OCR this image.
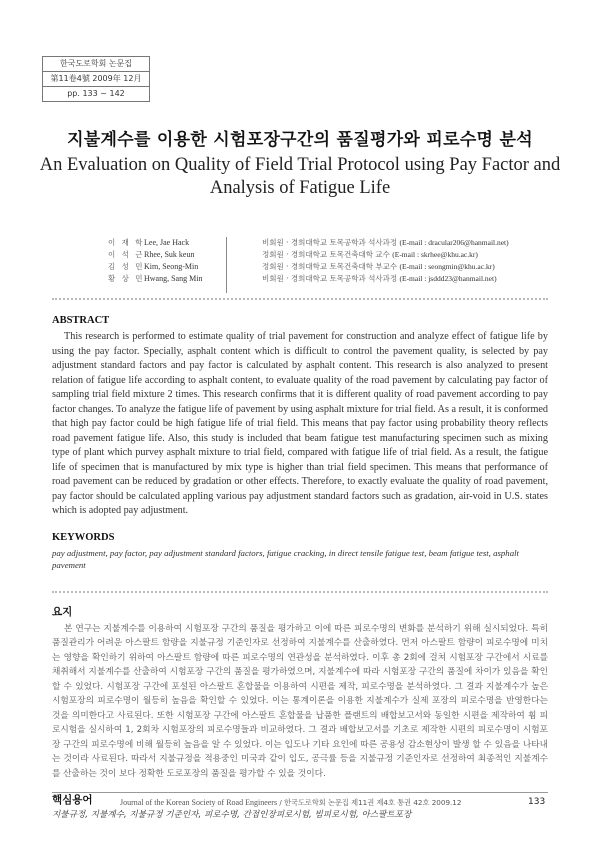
한국도로학회 논문집
第11卷4號 2009年 12月
pp. 133 ~ 142
지불계수를 이용한 시험포장구간의 품질평가와 피로수명 분석
An Evaluation on Quality of Field Trial Protocol using Pay Factor and
Analysis of Fatigue Life
이 재 학 Lee, Jae Hack	비회원 · 경희대학교 토목공학과 석사과정 (E-mail : dracular206@hanmail.net)
이 석 근 Rhee, Suk keun	정회원 · 경희대학교 토목건축대학 교수 (E-mail : skrhee@khu.ac.kr)
김 성 민 Kim, Seong-Min	정회원 · 경희대학교 토목건축대학 부교수 (E-mail : seongmin@khu.ac.kr)
황 상 민 Hwang, Sang Min	비회원 · 경희대학교 토목공학과 석사과정 (E-mail : jsddd23@hanmail.net)
ABSTRACT
This research is performed to estimate quality of trial pavement for construction and analyze effect of fatigue life by using the pay factor. Specially, asphalt content which is difficult to control the pavement quality, is selected by pay adjustment standard factors and pay factor is calculated by asphalt content. This research is also analyzed to present relation of fatigue life according to asphalt content, to evaluate quality of the road pavement by calculating pay factor of sampling trial field mixture 2 times. This research confirms that it is different quality of road pavement according to pay factor changes. To analyze the fatigue life of pavement by using asphalt mixture for trial field. As a result, it is conformed that high pay factor could be high fatigue life of trial field. This means that pay factor using probability theory reflects road pavement fatigue life. Also, this study is included that beam fatigue test manufacturing specimen such as mixing type of plant which purvey asphalt mixture to trial field, compared with fatigue life of trial field. As a result, the fatigue life of specimen that is manufactured by mix type is higher than trial field specimen. This means that performance of road pavement can be reduced by gradation or other effects. Therefore, to exactly evaluate the quality of road pavement, pay factor should be calculated appling various pay adjustment standard factors such as gradation, air-void in U.S. states which is adopted pay adjustment.
KEYWORDS
pay adjustment, pay factor, pay adjustment standard factors, fatigue cracking, in direct tensile fatigue test, beam fatigue test, asphalt pavement
요지
본 연구는 지불계수를 이용하여 시험포장 구간의 품질을 평가하고 이에 따른 피로수명의 변화를 분석하기 위해 실시되었다. 특히 품질관리가 어려운 아스팔트 함량을 지불규정 기준인자로 선정하여 지불계수를 산출하였다. 먼저 아스팔트 함량이 피로수명에 미치는 영향을 확인하기 위하여 아스팔트 함량에 따른 피로수명의 연관성을 분석하였다. 이후 총 2회에 걸쳐 시험포장 구간에서 시료를 채취해서 지불계수를 산출하여 시험포장 구간의 품질을 평가하였으며, 지불계수에 따라 시험포장 구간의 품질에 차이가 있음을 확인할 수 있었다. 시험포장 구간에 포설된 아스팔트 혼합물을 이용하여 시편을 제작, 피로수명을 분석하였다. 그 결과 지불계수가 높은 시험포장의 피로수명이 월등히 높음을 확인할 수 있었다. 이는 통계이론을 이용한 지불계수가 실제 포장의 피로수명을 반영한다는 것을 의미한다고 사료된다. 또한 시험포장 구간에 아스팔트 혼합물을 납품한 플랜트의 배합보고서와 동일한 시편을 제작하여 휨 피로시험을 실시하여 1, 2회차 시험포장의 피로수명들과 비교하였다. 그 결과 배합보고서를 기초로 제작한 시편의 피로수명이 시험포장 구간의 피로수명에 비해 월등히 높음을 알 수 있었다. 이는 입도나 기타 요인에 따른 공용성 감소현상이 발생 할 수 있음을 나타내는 것이라 사료된다. 따라서 지불규정을 적용중인 미국과 같이 입도, 공극률 등을 지불규정 기준인자로 선정하여 최종적인 지불계수를 산출하는 것이 보다 정확한 도로포장의 품질을 평가할 수 있을 것이다.
핵심용어
지불규정, 지불계수, 지불규정 기준인자, 피로수명, 간접인장피로시험, 빔피로시험, 아스팔트포장
Journal of the Korean Society of Road Engineers / 한국도로학회 논문집 제11권 제4호 통권 42호 2009.12	133
